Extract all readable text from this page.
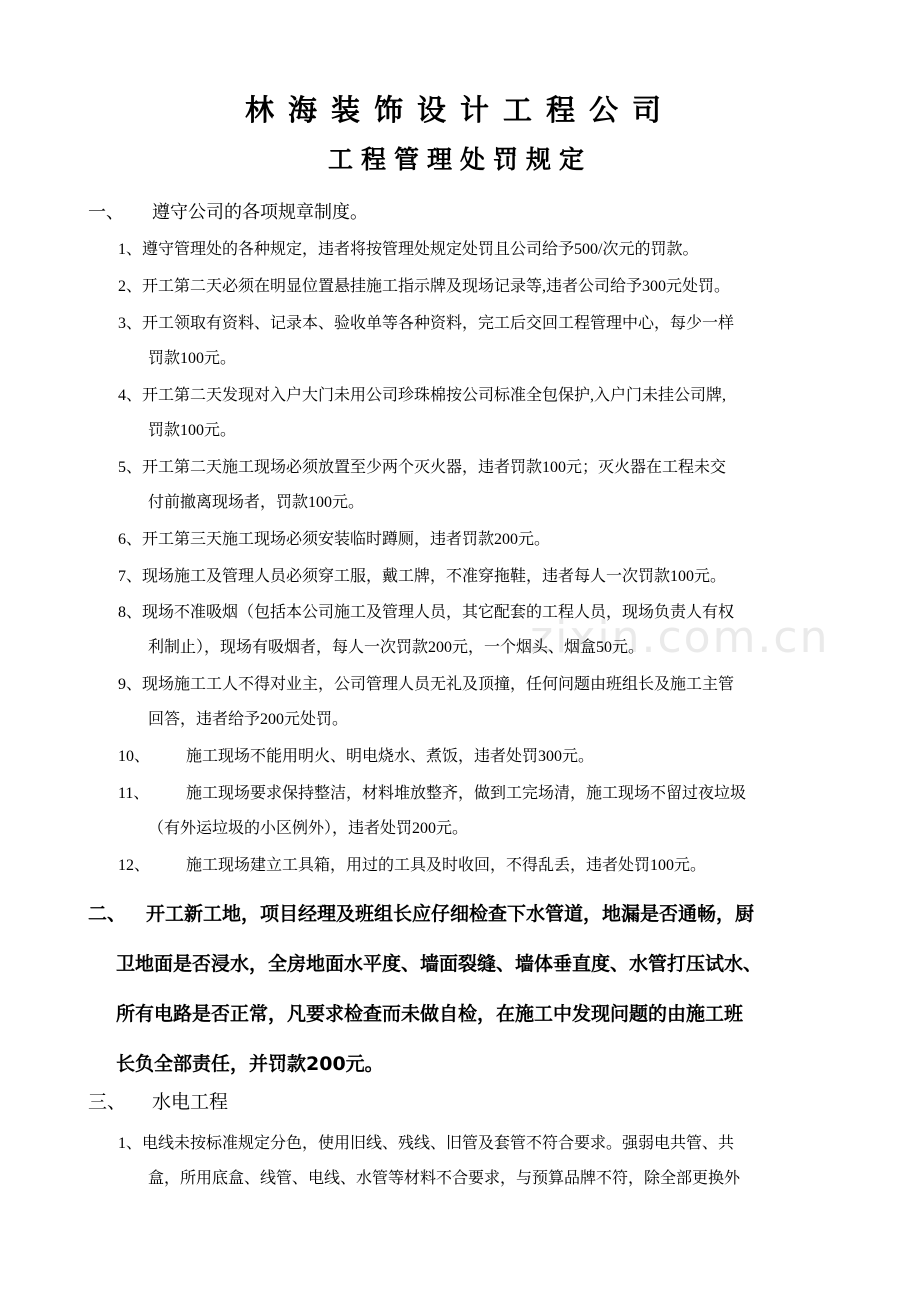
zixin.com.cn
林海装饰设计工程公司
工程管理处罚规定
一、 遵守公司的各项规章制度。
1、遵守管理处的各种规定，违者将按管理处规定处罚且公司给予500/次元的罚款。
2、开工第二天必须在明显位置悬挂施工指示牌及现场记录等,违者公司给予300元处罚。
3、开工领取有资料、记录本、验收单等各种资料，完工后交回工程管理中心，每少一样
罚款100元。
4、开工第二天发现对入户大门未用公司珍珠棉按公司标准全包保护,入户门未挂公司牌,
罚款100元。
5、开工第二天施工现场必须放置至少两个灭火器，违者罚款100元；灭火器在工程未交
付前撤离现场者，罚款100元。
6、开工第三天施工现场必须安装临时蹲厕，违者罚款200元。
7、现场施工及管理人员必须穿工服，戴工牌，不准穿拖鞋，违者每人一次罚款100元。
8、现场不准吸烟（包括本公司施工及管理人员，其它配套的工程人员，现场负责人有权
利制止），现场有吸烟者，每人一次罚款200元，一个烟头、烟盒50元。
9、现场施工工人不得对业主，公司管理人员无礼及顶撞，任何问题由班组长及施工主管
回答，违者给予200元处罚。
10、 施工现场不能用明火、明电烧水、煮饭，违者处罚300元。
11、 施工现场要求保持整洁，材料堆放整齐，做到工完场清，施工现场不留过夜垃圾
（有外运垃圾的小区例外），违者处罚200元。
12、 施工现场建立工具箱，用过的工具及时收回，不得乱丢，违者处罚100元。
二、 开工新工地，项目经理及班组长应仔细检查下水管道，地漏是否通畅，厨
卫地面是否浸水，全房地面水平度、墙面裂缝、墙体垂直度、水管打压试水、
所有电路是否正常，凡要求检查而未做自检，在施工中发现问题的由施工班
长负全部责任，并罚款200元。
三、 水电工程
1、电线未按标准规定分色，使用旧线、残线、旧管及套管不符合要求。强弱电共管、共
盒，所用底盒、线管、电线、水管等材料不合要求，与预算品牌不符，除全部更换外
